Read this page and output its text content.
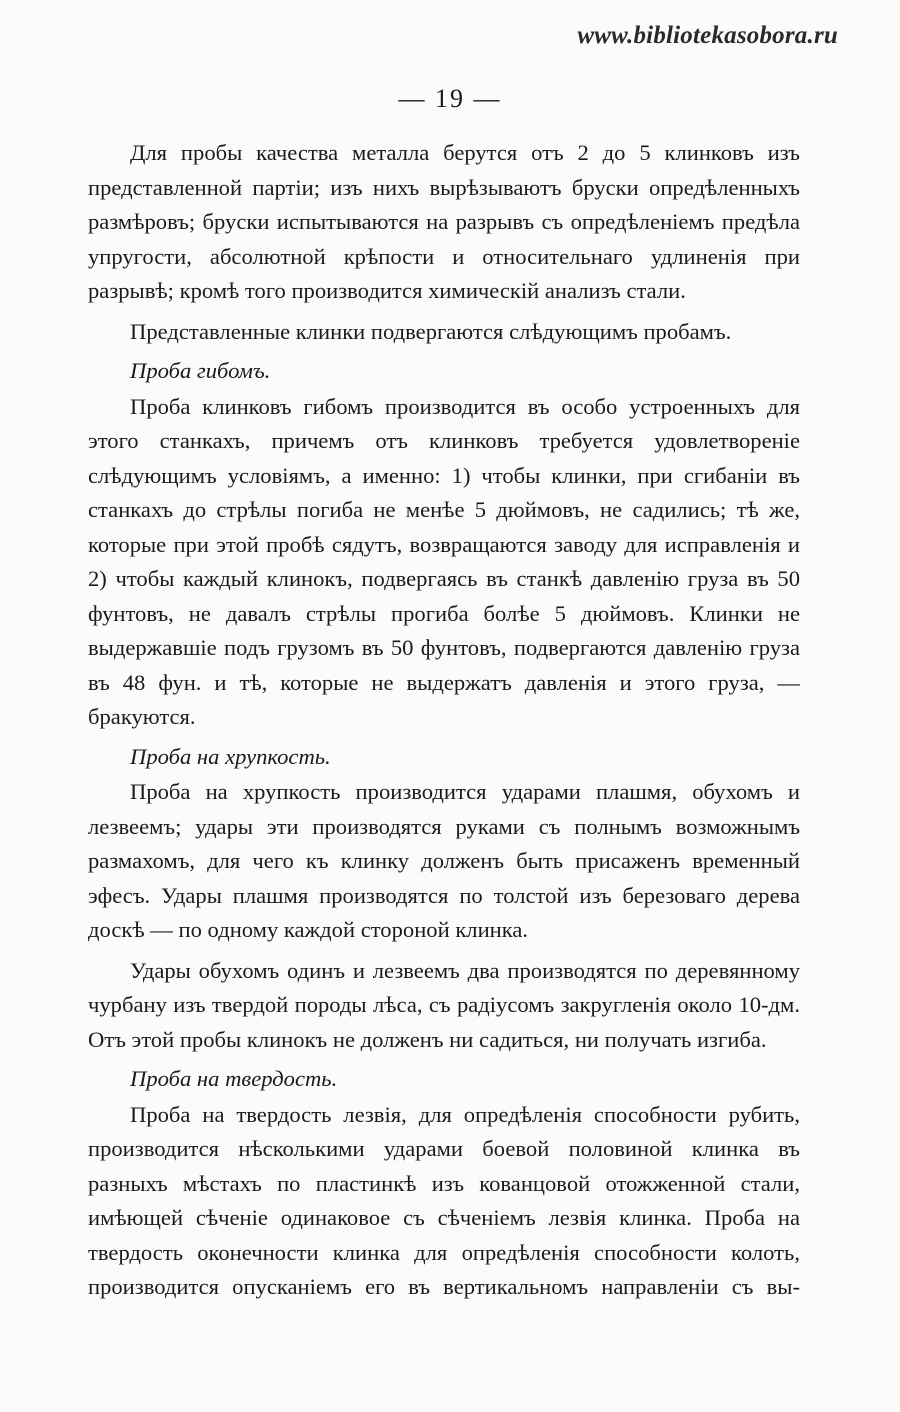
www.bibliotekasobora.ru
— 19 —

Для пробы качества металла берутся отъ 2 до 5 клинковъ изъ представленной партіи; изъ нихъ вырѣзываютъ бруски опредѣленныхъ размѣровъ; бруски испытываются на разрывъ съ опредѣленіемъ предѣла упругости, абсолютной крѣпости и относительнаго удлиненія при разрывѣ; кромѣ того производится химическій анализъ стали.

Представленные клинки подвергаются слѣдующимъ пробамъ.

Проба гибомъ.

Проба клинковъ гибомъ производится въ особо устроенныхъ для этого станкахъ, причемъ отъ клинковъ требуется удовлетвореніе слѣдующимъ условіямъ, а именно: 1) чтобы клинки, при сгибаніи въ станкахъ до стрѣлы погиба не менѣе 5 дюймовъ, не садились; тѣ же, которые при этой пробѣ сядутъ, возвращаются заводу для исправленія и 2) чтобы каждый клинокъ, подвергаясь въ станкѣ давленію груза въ 50 фунтовъ, не давалъ стрѣлы прогиба болѣе 5 дюймовъ. Клинки не выдержавшіе подъ грузомъ въ 50 фунтовъ, подвергаются давленію груза въ 48 фун. и тѣ, которые не выдержатъ давленія и этого груза, — бракуются.

Проба на хрупкость.

Проба на хрупкость производится ударами плашмя, обухомъ и лезвеемъ; удары эти производятся руками съ полнымъ возможнымъ размахомъ, для чего къ клинку долженъ быть присаженъ временный эфесъ. Удары плашмя производятся по толстой изъ березоваго дерева доскѣ — по одному каждой стороной клинка.

Удары обухомъ одинъ и лезвеемъ два производятся по деревянному чурбану изъ твердой породы лѣса, съ радіусомъ закругленія около 10-дм. Отъ этой пробы клинокъ не долженъ ни садиться, ни получать изгиба.

Проба на твердость.

Проба на твердость лезвія, для опредѣленія способности рубить, производится нѣсколькими ударами боевой половиной клинка въ разныхъ мѣстахъ по пластинкѣ изъ кованцовой отожженной стали, имѣющей сѣченіе одинаковое съ сѣченіемъ лезвія клинка. Проба на твердость оконечности клинка для опредѣленія способности колоть, производится опусканіемъ его въ вертикальномъ направленіи съ вы-
